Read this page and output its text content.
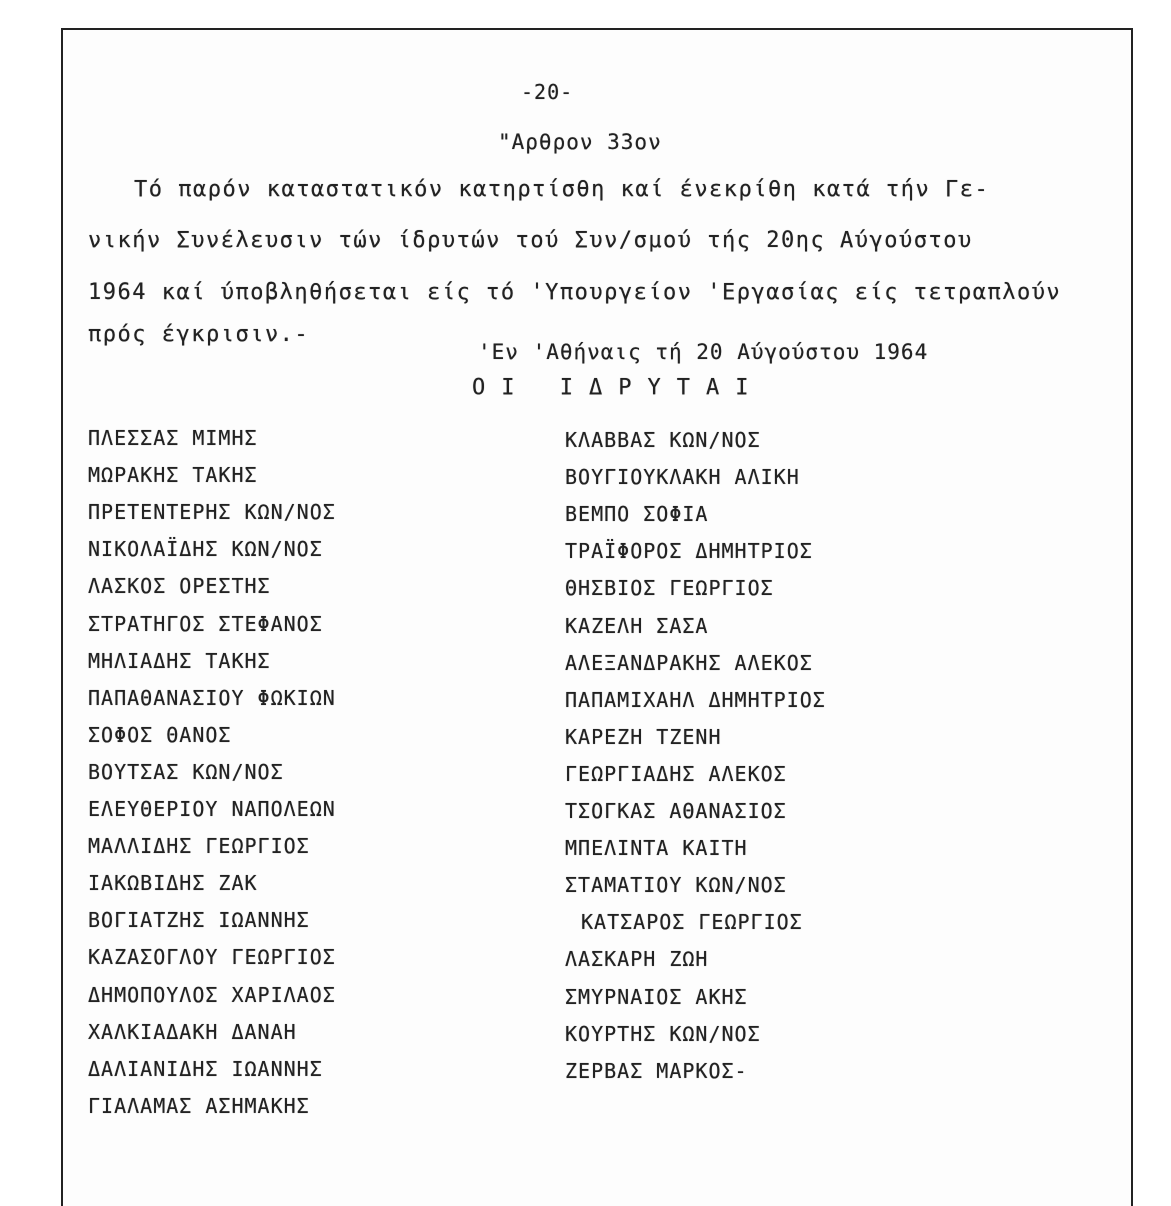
-20-
"Αρθρον 33ον
Τό παρόν καταστατικόν κατηρτίσθη καί ένεκρίθη κατά τήν Γε-
νικήν Συνέλευσιν τών ίδρυτών τού Συν/σμού τής 20ης Αύγούστου
1964 καί ύποβληθήσεται είς τό 'Υπουργείον 'Εργασίας είς τετραπλούν
πρός έγκρισιν.-
'Εν 'Αθήναις τή 20 Αύγούστου 1964
ΟΙ ΙΔΡΥΤΑΙ
ΠΛΕΣΣΑΣ ΜΙΜΗΣ
ΜΩΡΑΚΗΣ ΤΑΚΗΣ
ΠΡΕΤΕΝΤΕΡΗΣ ΚΩΝ/ΝΟΣ
ΝΙΚΟΛΑΪΔΗΣ ΚΩΝ/ΝΟΣ
ΛΑΣΚΟΣ ΟΡΕΣΤΗΣ
ΣΤΡΑΤΗΓΟΣ ΣΤΕΦΑΝΟΣ
ΜΗΛΙΑΔΗΣ ΤΑΚΗΣ
ΠΑΠΑΘΑΝΑΣΙΟΥ ΦΩΚΙΩΝ
ΣΟΦΟΣ ΘΑΝΟΣ
ΒΟΥΤΣΑΣ ΚΩΝ/ΝΟΣ
ΕΛΕΥΘΕΡΙΟΥ ΝΑΠΟΛΕΩΝ
ΜΑΛΛΙΔΗΣ ΓΕΩΡΓΙΟΣ
ΙΑΚΩΒΙΔΗΣ ΖΑΚ
ΒΟΓΙΑΤΖΗΣ ΙΩΑΝΝΗΣ
ΚΑΖΑΣΟΓΛΟΥ ΓΕΩΡΓΙΟΣ
ΔΗΜΟΠΟΥΛΟΣ ΧΑΡΙΛΑΟΣ
ΧΑΛΚΙΑΔΑΚΗ ΔΑΝΑΗ
ΔΑΛΙΑΝΙΔΗΣ ΙΩΑΝΝΗΣ
ΓΙΑΛΑΜΑΣ ΑΣΗΜΑΚΗΣ
ΚΛΑΒΒΑΣ ΚΩΝ/ΝΟΣ
ΒΟΥΓΙΟΥΚΛΑΚΗ ΑΛΙΚΗ
ΒΕΜΠΟ ΣΟΦΙΑ
ΤΡΑΪΦΟΡΟΣ ΔΗΜΗΤΡΙΟΣ
ΘΗΣΒΙΟΣ ΓΕΩΡΓΙΟΣ
ΚΑΖΕΛΗ ΣΑΣΑ
ΑΛΕΞΑΝΔΡΑΚΗΣ ΑΛΕΚΟΣ
ΠΑΠΑΜΙΧΑΗΛ ΔΗΜΗΤΡΙΟΣ
ΚΑΡΕΖΗ ΤΖΕΝΗ
ΓΕΩΡΓΙΑΔΗΣ ΑΛΕΚΟΣ
ΤΣΟΓΚΑΣ ΑΘΑΝΑΣΙΟΣ
ΜΠΕΛΙΝΤΑ ΚΑΙΤΗ
ΣΤΑΜΑΤΙΟΥ ΚΩΝ/ΝΟΣ
ΚΑΤΣΑΡΟΣ ΓΕΩΡΓΙΟΣ
ΛΑΣΚΑΡΗ ΖΩΗ
ΣΜΥΡΝΑΙΟΣ ΑΚΗΣ
ΚΟΥΡΤΗΣ ΚΩΝ/ΝΟΣ
ΖΕΡΒΑΣ ΜΑΡΚΟΣ-
